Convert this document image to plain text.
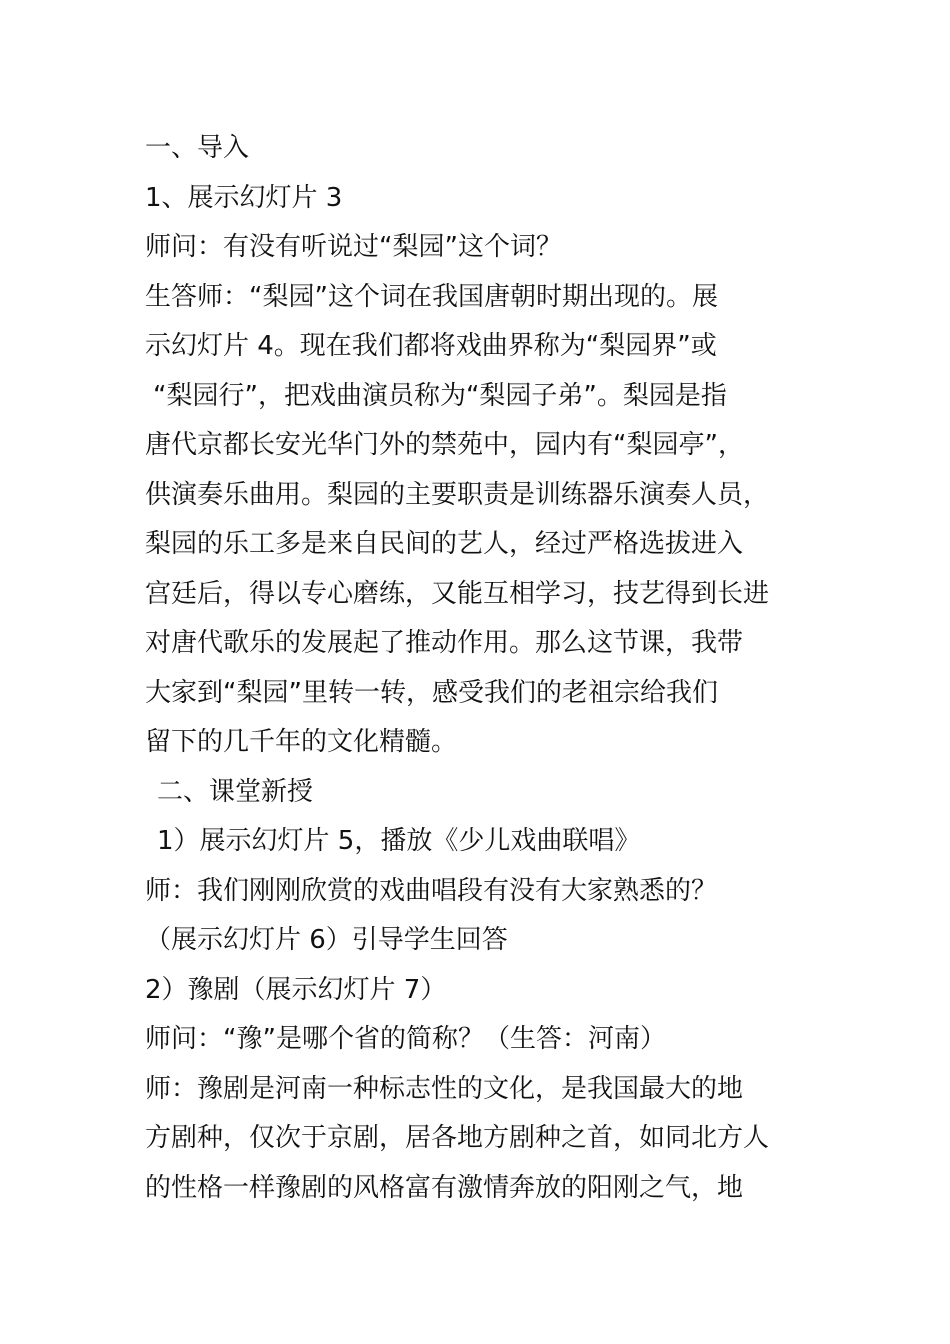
一、导入
1、展示幻灯片 3
师问：有没有听说过“梨园”这个词？
生答师：“梨园”这个词在我国唐朝时期出现的。展
示幻灯片 4。现在我们都将戏曲界称为“梨园界”或
“梨园行”，把戏曲演员称为“梨园子弟”。梨园是指
唐代京都长安光华门外的禁苑中，园内有“梨园亭”，
供演奏乐曲用。梨园的主要职责是训练器乐演奏人员，
梨园的乐工多是来自民间的艺人，经过严格选拔进入
宫廷后，得以专心磨练，又能互相学习，技艺得到长进
对唐代歌乐的发展起了推动作用。那么这节课，我带
大家到“梨园”里转一转，感受我们的老祖宗给我们
留下的几千年的文化精髓。
二、课堂新授
1）展示幻灯片 5，播放《少儿戏曲联唱》
师：我们刚刚欣赏的戏曲唱段有没有大家熟悉的？
（展示幻灯片 6）引导学生回答
2）豫剧（展示幻灯片 7）
师问：“豫”是哪个省的简称？（生答：河南）
师：豫剧是河南一种标志性的文化，是我国最大的地
方剧种，仅次于京剧，居各地方剧种之首，如同北方人
的性格一样豫剧的风格富有激情奔放的阳刚之气，地
